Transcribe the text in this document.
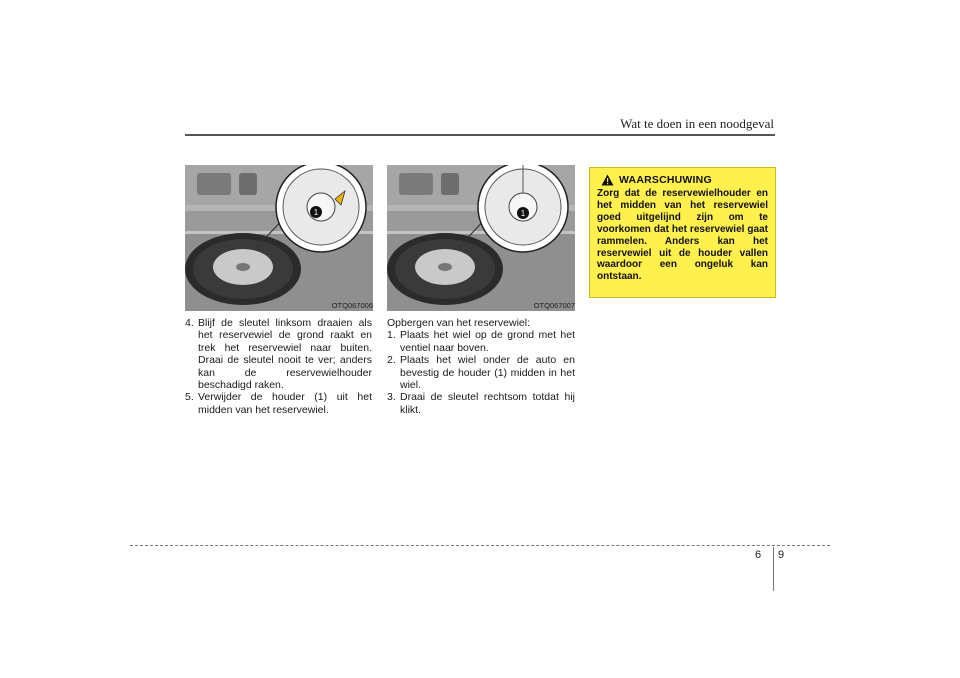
Wat te doen in een noodgeval
1
OTQ067006
1
OTQ067007
4. Blijf de sleutel linksom draaien als het reservewiel de grond raakt en trek het reservewiel naar buiten. Draai de sleutel nooit te ver; anders kan de reservewielhouder beschadigd raken.
5. Verwijder de houder (1) uit het midden van het reservewiel.
Opbergen van het reservewiel:
1. Plaats het wiel op de grond met het ventiel naar boven.
2. Plaats het wiel onder de auto en bevestig de houder (1) midden in het wiel.
3. Draai de sleutel rechtsom totdat hij klikt.
WAARSCHUWING
Zorg dat de reservewielhouder en het midden van het reservewiel goed uitgelijnd zijn om te voorkomen dat het reservewiel gaat rammelen. Anders kan het reservewiel uit de houder vallen waardoor een ongeluk kan ontstaan.
6 9
